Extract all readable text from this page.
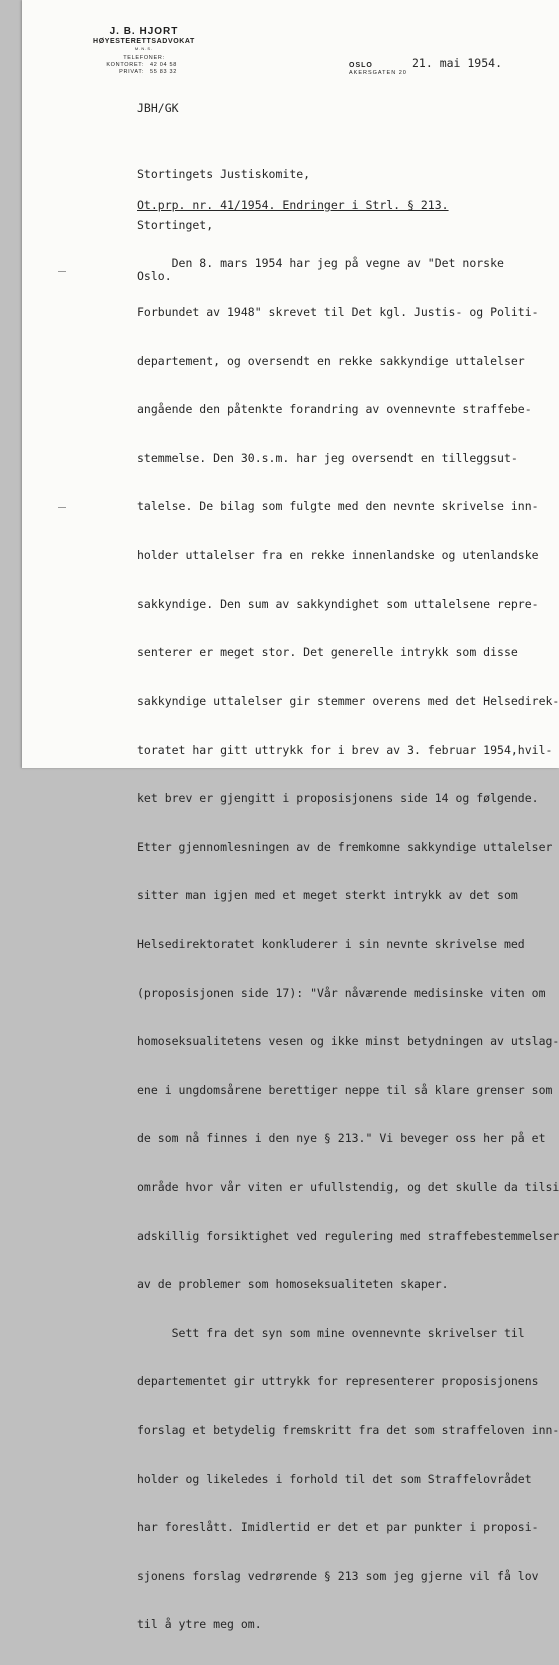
J. B. HJORT
HØYESTERETTSADVOKAT
M.N.S.
TELEFONER:
KONTORET: 42 04 58
PRIVAT: 55 83 32
OSLO
AKERSGATEN 20
21. mai 1954.
JBH/GK

Stortingets Justiskomite,

Stortinget,

Oslo.

Ot.prp. nr. 41/1954. Endringer i Strl. § 213.

Den 8. mars 1954 har jeg på vegne av "Det norske

Forbundet av 1948" skrevet til Det kgl. Justis- og Politi-

departement, og oversendt en rekke sakkyndige uttalelser

angående den påtenkte forandring av ovennevnte straffebe-

stemmelse. Den 30.s.m. har jeg oversendt en tilleggsut-

talelse. De bilag som fulgte med den nevnte skrivelse inn-

holder uttalelser fra en rekke innenlandske og utenlandske

sakkyndige. Den sum av sakkyndighet som uttalelsene repre-

senterer er meget stor. Det generelle intrykk som disse

sakkyndige uttalelser gir stemmer overens med det Helsedirek-

toratet har gitt uttrykk for i brev av 3. februar 1954,hvil-

ket brev er gjengitt i proposisjonens side 14 og følgende.

Etter gjennomlesningen av de fremkomne sakkyndige uttalelser

sitter man igjen med et meget sterkt intrykk av det som

Helsedirektoratet konkluderer i sin nevnte skrivelse med

(proposisjonen side 17): "Vår nåværende medisinske viten om

homoseksualitetens vesen og ikke minst betydningen av utslag-

ene i ungdomsårene berettiger neppe til så klare grenser som

de som nå finnes i den nye § 213." Vi beveger oss her på et

område hvor vår viten er ufullstendig, og det skulle da tilsi

adskillig forsiktighet ved regulering med straffebestemmelser

av de problemer som homoseksualiteten skaper.

Sett fra det syn som mine ovennevnte skrivelser til

departementet gir uttrykk for representerer proposisjonens

forslag et betydelig fremskritt fra det som straffeloven inn-

holder og likeledes i forhold til det som Straffelovrådet

har foreslått. Imidlertid er det et par punkter i proposi-

sjonens forslag vedrørende § 213 som jeg gjerne vil få lov

til å ytre meg om.
